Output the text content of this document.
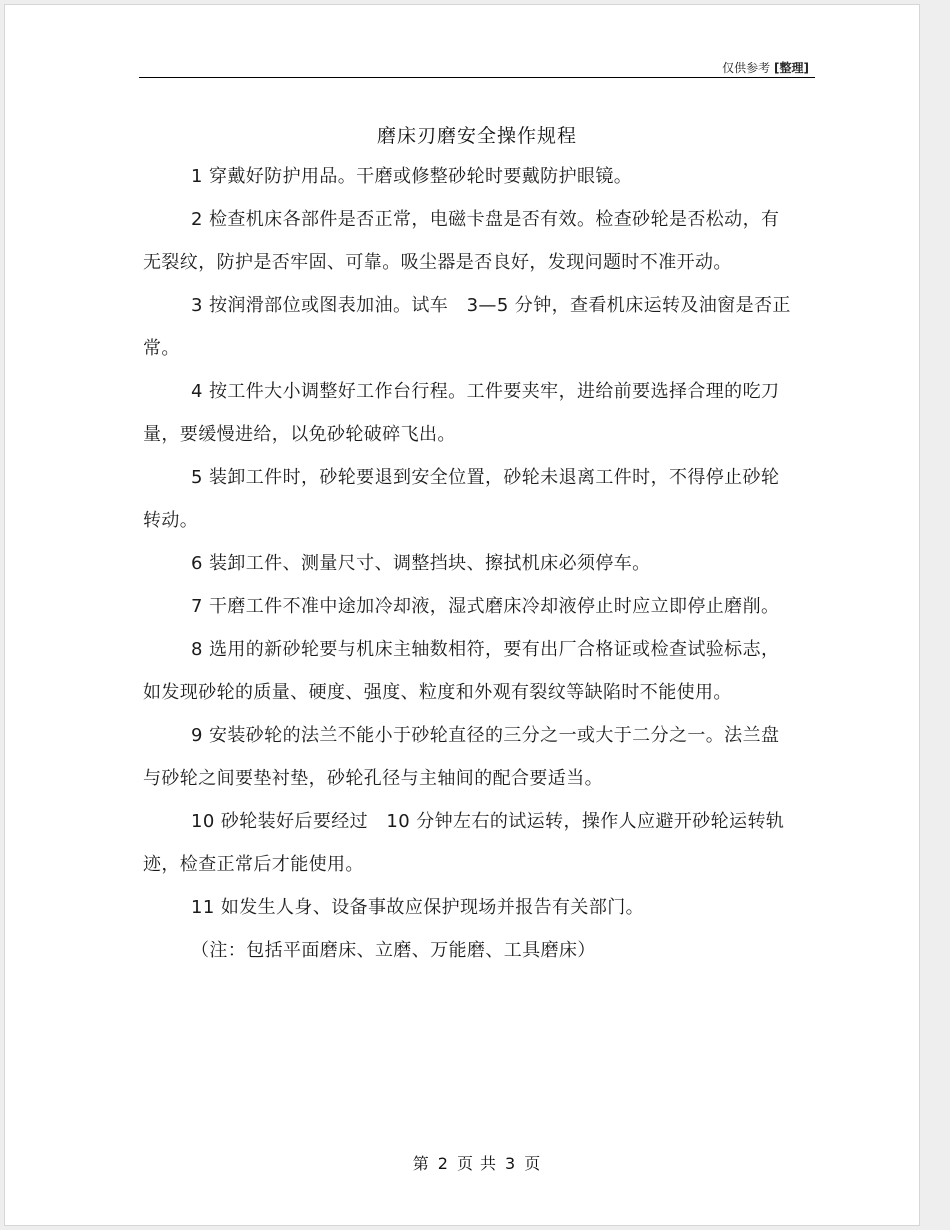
仅供参考 [整理]
磨床刃磨安全操作规程

1 穿戴好防护用品。干磨或修整砂轮时要戴防护眼镜。

2 检查机床各部件是否正常，电磁卡盘是否有效。检查砂轮是否松动，有无裂纹，防护是否牢固、可靠。吸尘器是否良好，发现问题时不准开动。

3 按润滑部位或图表加油。试车　3—5 分钟，查看机床运转及油窗是否正常。

4 按工件大小调整好工作台行程。工件要夹牢，进给前要选择合理的吃刀量，要缓慢进给，以免砂轮破碎飞出。

5 装卸工件时，砂轮要退到安全位置，砂轮未退离工件时，不得停止砂轮转动。

6 装卸工件、测量尺寸、调整挡块、擦拭机床必须停车。

7 干磨工件不准中途加冷却液，湿式磨床冷却液停止时应立即停止磨削。

8 选用的新砂轮要与机床主轴数相符，要有出厂合格证或检查试验标志，如发现砂轮的质量、硬度、强度、粒度和外观有裂纹等缺陷时不能使用。

9 安装砂轮的法兰不能小于砂轮直径的三分之一或大于二分之一。法兰盘与砂轮之间要垫衬垫，砂轮孔径与主轴间的配合要适当。

10 砂轮装好后要经过　10 分钟左右的试运转，操作人应避开砂轮运转轨迹，检查正常后才能使用。

11 如发生人身、设备事故应保护现场并报告有关部门。

（注：包括平面磨床、立磨、万能磨、工具磨床）

第 2 页 共 3 页
